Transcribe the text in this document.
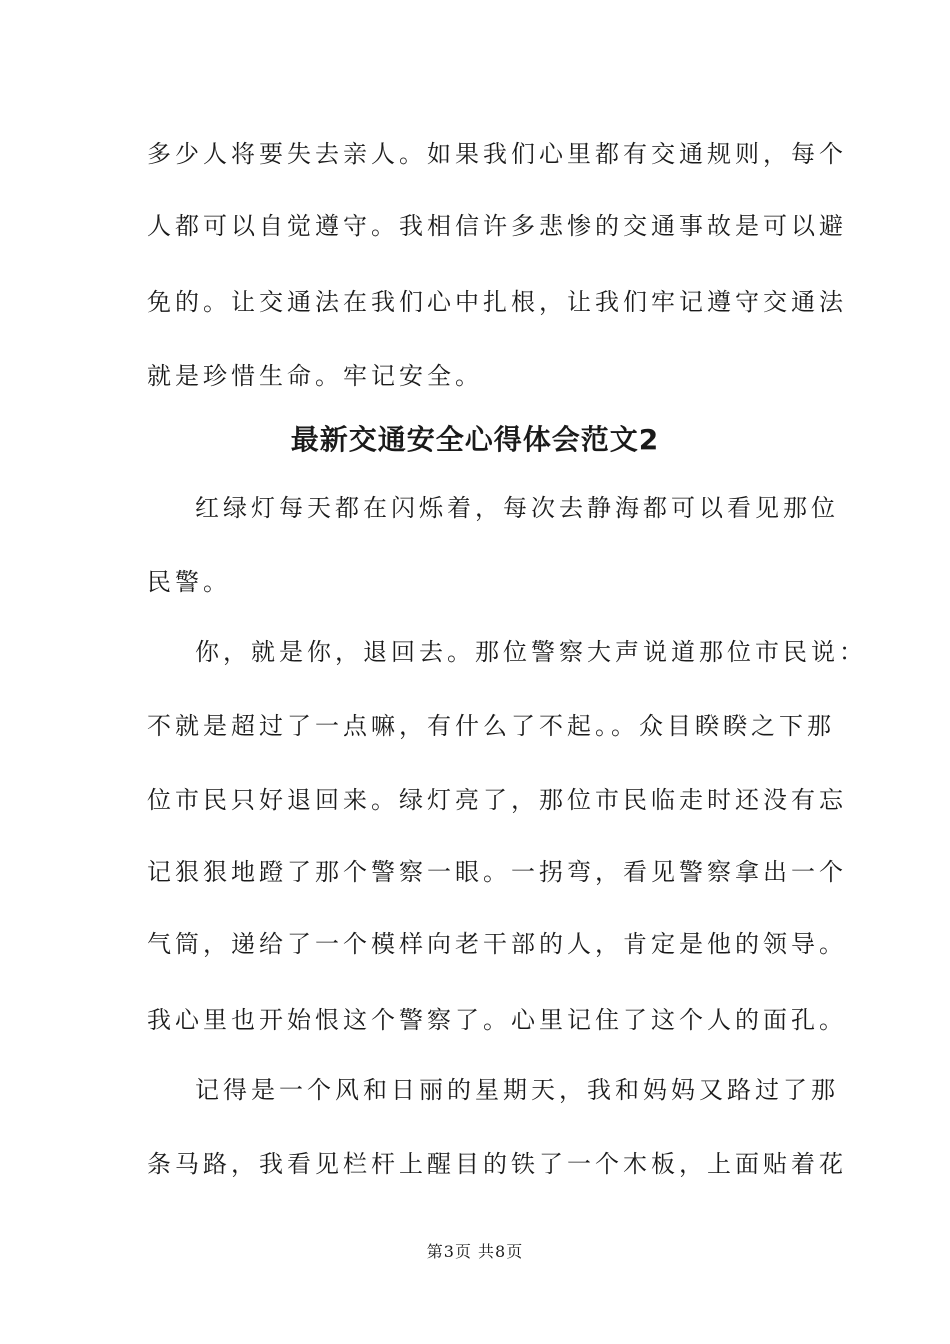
多少人将要失去亲人。如果我们心里都有交通规则，每个
人都可以自觉遵守。我相信许多悲惨的交通事故是可以避
免的。让交通法在我们心中扎根，让我们牢记遵守交通法
就是珍惜生命。牢记安全。
最新交通安全心得体会范文2
红绿灯每天都在闪烁着，每次去静海都可以看见那位
民警。
你，就是你，退回去。那位警察大声说道那位市民说：
不就是超过了一点嘛，有什么了不起。。众目睽睽之下那
位市民只好退回来。绿灯亮了，那位市民临走时还没有忘
记狠狠地蹬了那个警察一眼。一拐弯，看见警察拿出一个
气筒，递给了一个模样向老干部的人，肯定是他的领导。
我心里也开始恨这个警察了。心里记住了这个人的面孔。
记得是一个风和日丽的星期天，我和妈妈又路过了那
条马路，我看见栏杆上醒目的铁了一个木板，上面贴着花
第3页 共8页
